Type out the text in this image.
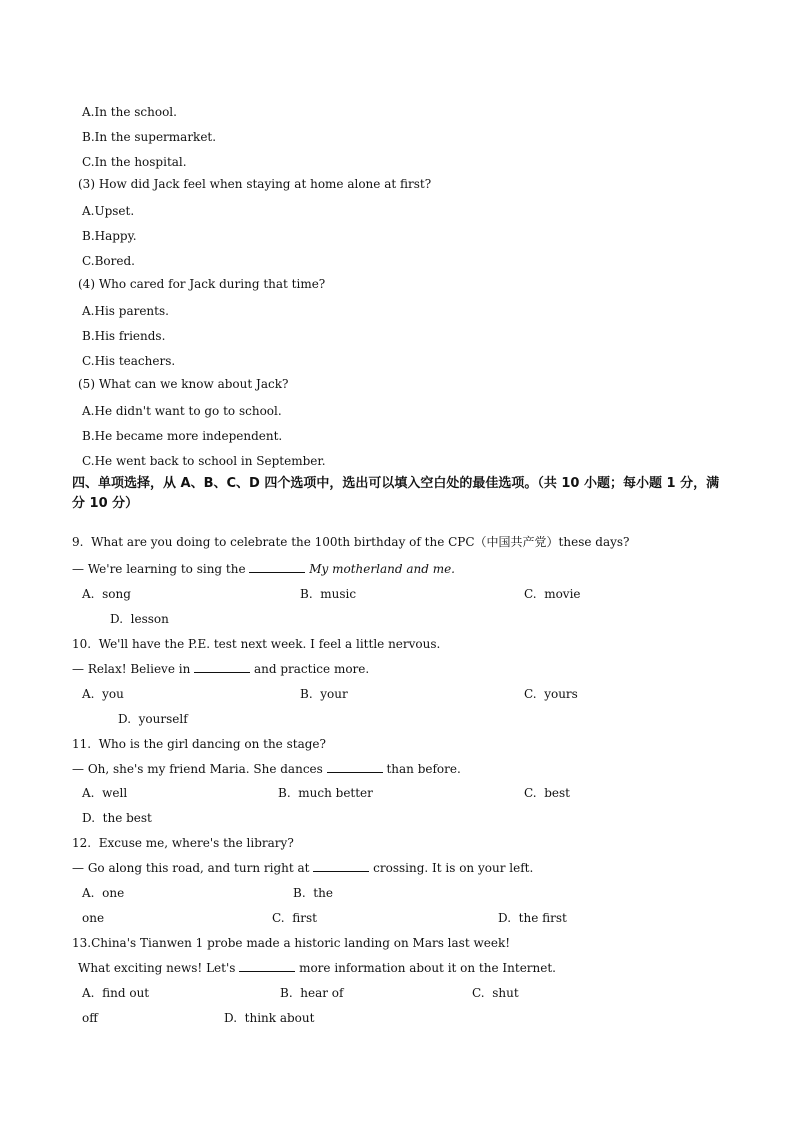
A.In the school.
B.In the supermarket.
C.In the hospital.
(3) How did Jack feel when staying at home alone at first?
A.Upset.
B.Happy.
C.Bored.
(4) Who cared for Jack during that time?
A.His parents.
B.His friends.
C.His teachers.
(5) What can we know about Jack?
A.He didn't want to go to school.
B.He became more independent.
C.He went back to school in September.
四、单项选择，从 A、B、C、D 四个选项中，选出可以填入空白处的最佳选项。（共 10 小题；每小题 1 分，满分 10 分）
9.  What are you doing to celebrate the 100th birthday of the CPC（中国共产党）these days?
— We're learning to sing the	My motherland and me.
A.  song	B.  music	C.  movie
D.  lesson
10.  We'll have the P.E. test next week. I feel a little nervous.
— Relax! Believe in	and practice more.
A.  you	B.  your	C.  yours
D.  yourself
11.  Who is the girl dancing on the stage?
— Oh, she's my friend Maria. She dances	than before.
A.  well	B.  much better	C.  best
D.  the best
12.  Excuse me, where's the library?
— Go along this road, and turn right at	crossing. It is on your left.
A.  one	B.  the
one	C.  first	D.  the first
13.China's Tianwen 1 probe made a historic landing on Mars last week!
What exciting news! Let's	more information about it on the Internet.
A.  find out	B.  hear of	C.  shut
off	D.  think about
